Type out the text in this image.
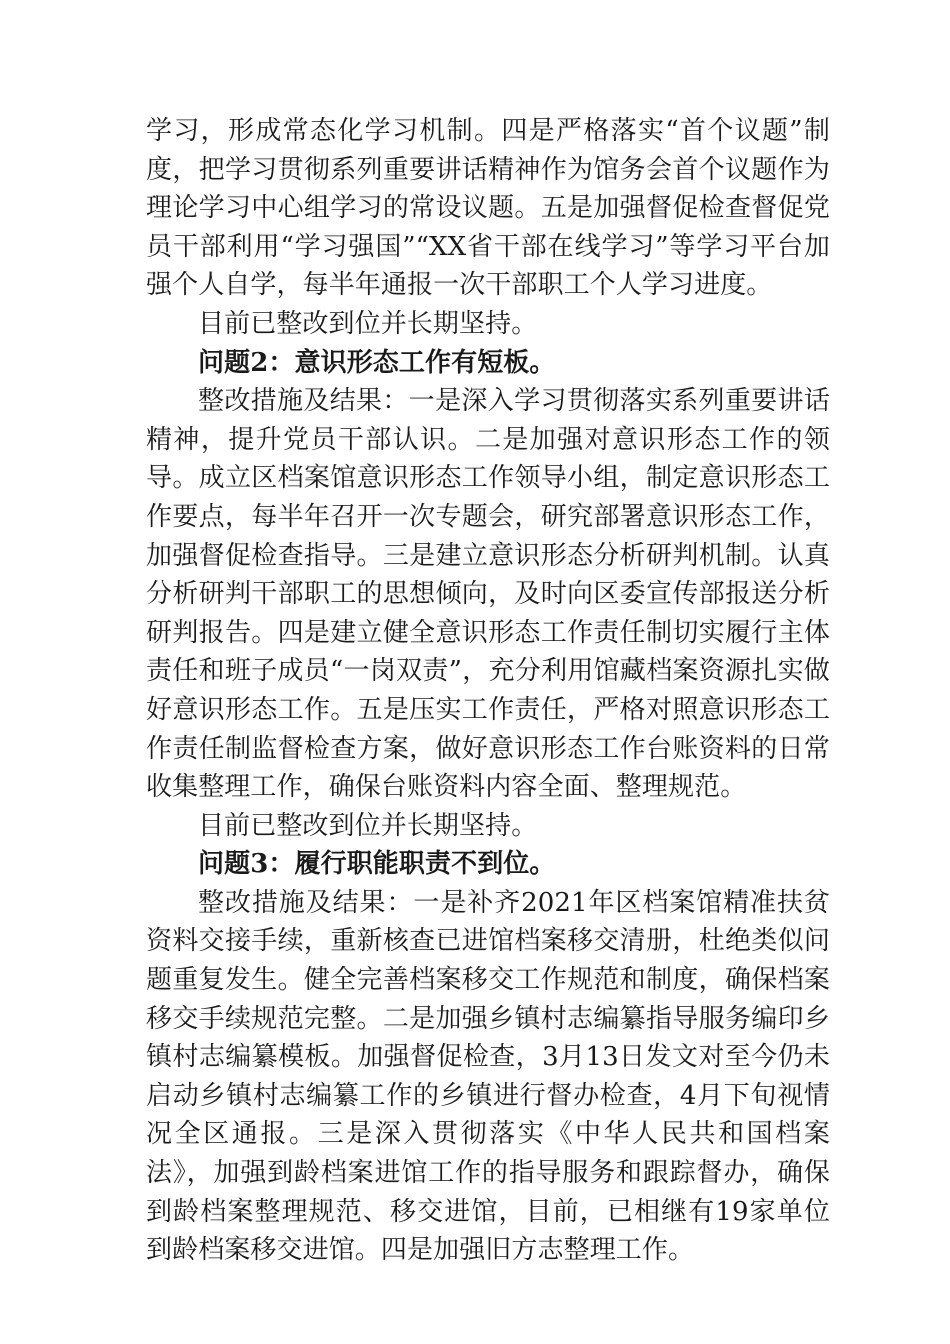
学习，形成常态化学习机制。四是严格落实“首个议题”制度，把学习贯彻系列重要讲话精神作为馆务会首个议题作为理论学习中心组学习的常设议题。五是加强督促检查督促党员干部利用“学习强国”“XX省干部在线学习”等学习平台加强个人自学，每半年通报一次干部职工个人学习进度。

目前已整改到位并长期坚持。

问题2：意识形态工作有短板。

整改措施及结果：一是深入学习贯彻落实系列重要讲话精神，提升党员干部认识。二是加强对意识形态工作的领导。成立区档案馆意识形态工作领导小组，制定意识形态工作要点，每半年召开一次专题会，研究部署意识形态工作，加强督促检查指导。三是建立意识形态分析研判机制。认真分析研判干部职工的思想倾向，及时向区委宣传部报送分析研判报告。四是建立健全意识形态工作责任制切实履行主体责任和班子成员“一岗双责”，充分利用馆藏档案资源扎实做好意识形态工作。五是压实工作责任，严格对照意识形态工作责任制监督检查方案，做好意识形态工作台账资料的日常收集整理工作，确保台账资料内容全面、整理规范。

目前已整改到位并长期坚持。

问题3：履行职能职责不到位。

整改措施及结果：一是补齐2021年区档案馆精准扶贫资料交接手续，重新核查已进馆档案移交清册，杜绝类似问题重复发生。健全完善档案移交工作规范和制度，确保档案移交手续规范完整。二是加强乡镇村志编纂指导服务编印乡镇村志编纂模板。加强督促检查，3月13日发文对至今仍未启动乡镇村志编纂工作的乡镇进行督办检查，4月下旬视情况全区通报。三是深入贯彻落实《中华人民共和国档案法》，加强到龄档案进馆工作的指导服务和跟踪督办，确保到龄档案整理规范、移交进馆，目前，已相继有19家单位到龄档案移交进馆。四是加强旧方志整理工作。
